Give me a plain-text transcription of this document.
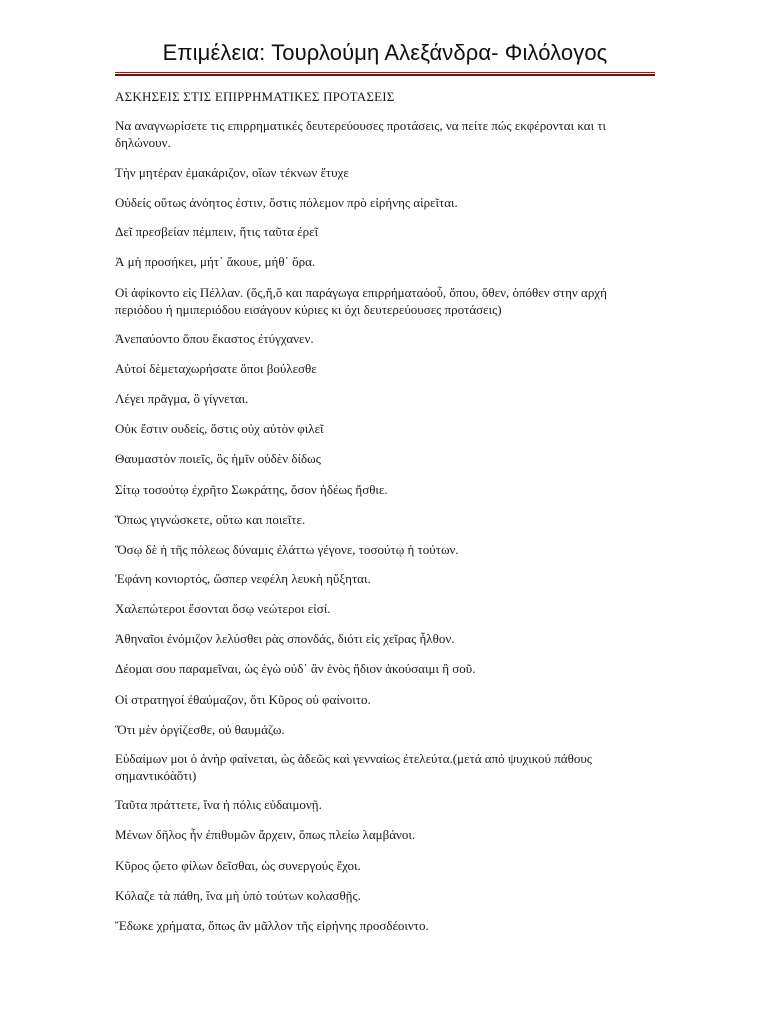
Επιμέλεια: Τουρλούμη Αλεξάνδρα- Φιλόλογος
ΑΣΚΗΣΕΙΣ ΣΤΙΣ ΕΠΙΡΡΗΜΑΤΙΚΕΣ ΠΡΟΤΑΣΕΙΣ
Να αναγνωρίσετε τις επιρρηματικές δευτερεύουσες προτάσεις, να πείτε πώς εκφέρονται και τι δηλώνουν.

Τὴν μητέραν ἐμακάριζον, οἵων τέκνων ἔτυχε

Οὐδείς οὕτως ἀνόητος ἐστιν, ὅστις πόλεμον πρὸ εἰρήνης αἱρεῖται.

Δεῖ πρεσβείαν πέμπειν, ἥτις ταῦτα ἐρεῖ

Ἀ μὴ προσήκει, μήτ᾽ ἄκουε, μήθ᾽ ὅρα.

Οἱ ἀφίκοντο εἰς Πέλλαν. (ὅς,ἥ,ὅ και παράγωγα επιρρήματαὁοὗ, ὅπου, ὅθεν, ὁπόθεν στην αρχή περιόδου ή ημιπεριόδου εισάγουν κύριες κι όχι δευτερεύουσες προτάσεις)

Ἀνεπαύοντο ὅπου ἕκαστος ἐτύγχανεν.

Αὐτοί δὲμεταχωρήσατε ὅποι βούλεσθε

Λέγει πρᾶγμα, ὃ γίγνεται.

Οὐκ ἔστιν ουδείς, ὅστις οὐχ αὐτὸν φιλεῖ

Θαυμαστὸν ποιεῖς, ὃς ἡμῖν οὐδὲν δίδως

Σίτῳ τοσούτῳ ἐχρῆτο Σωκράτης, ὅσον ἡδέως ἤσθιε.

Ὅπως γιγνώσκετε, οὕτω και ποιεῖτε.

Ὅσῳ δὲ ἡ τῆς πόλεως δύναμις ἐλάττω γέγονε, τοσούτῳ ἡ τούτων.

Ἐφάνη κονιορτός, ὥσπερ νεφέλη λευκὴ ηὔξηται.

Χαλεπώτεροι ἔσονται ὅσῳ νεώτεροι εἰσί.

Ἀθηναῖοι ἐνόμιζον λελύσθει ρὰς σπονδάς, διότι εἰς χεῖρας ἦλθον.

Δέομαι σου παραμεῖναι, ὡς ἐγὼ οὐδ᾽ ἂν ἑνὸς ἥδιον ἀκούσαιμι ἢ σοῦ.

Οἱ στρατηγοί ἐθαύμαζον, ὅτι Κῦρος οὐ φαίνοιτο.

Ὅτι μὲν ὀργίζεσθε, οὐ θαυμάζω.

Εὐδαίμων μοι ὁ ἀνὴρ φαίνεται, ὡς ἀδεῶς καὶ γενναίως ἐτελεύτα.(μετά από ψυχικού πάθους σημαντικόὰὅτι)

Ταῦτα πράττετε, ἵνα ἡ πόλις εὐδαιμονῇ.

Μένων δῆλος ἦν ἐπιθυμῶν ἄρχειν, ὅπως πλείω λαμβάνοι.

Κῦρος ᾤετο φίλων δεῖσθαι, ὡς συνεργούς ἔχοι.

Κόλαζε τὰ πάθη, ἵνα μὴ ὑπὸ τούτων κολασθῇς.

Ἔδωκε χρήματα, ὅπως ἂν μᾶλλον τῆς εἰρήνης προσδέοιντο.
